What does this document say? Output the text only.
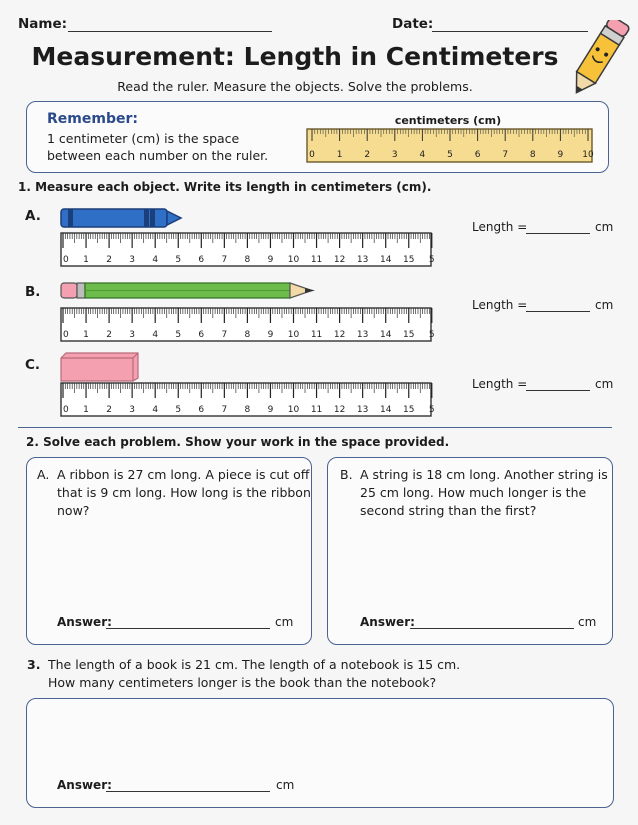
Name:	Date:
Measurement: Length in Centimeters
Read the ruler. Measure the objects. Solve the problems.
Remember:
1 centimeter (cm) is the space
between each number on the ruler.
centimeters (cm)
0 1 2 3 4 5 6 7 8 9 10
1. Measure each object. Write its length in centimeters (cm).
A.
0 1 2 3 4 5 6 7 8 9 10 11 12 13 14 15 5
Length =	cm
B.
0 1 2 3 4 5 6 7 8 9 10 11 12 13 14 15 5
Length =	cm
C.
0 1 2 3 4 5 6 7 8 9 10 11 12 13 14 15 5
Length =	cm
2. Solve each problem. Show your work in the space provided.
A. A ribbon is 27 cm long. A piece is cut off
that is 9 cm long. How long is the ribbon
now?
Answer:	cm
B. A string is 18 cm long. Another string is
25 cm long. How much longer is the
second string than the first?
Answer:	cm
3. The length of a book is 21 cm. The length of a notebook is 15 cm.
How many centimeters longer is the book than the notebook?
Answer:	cm
